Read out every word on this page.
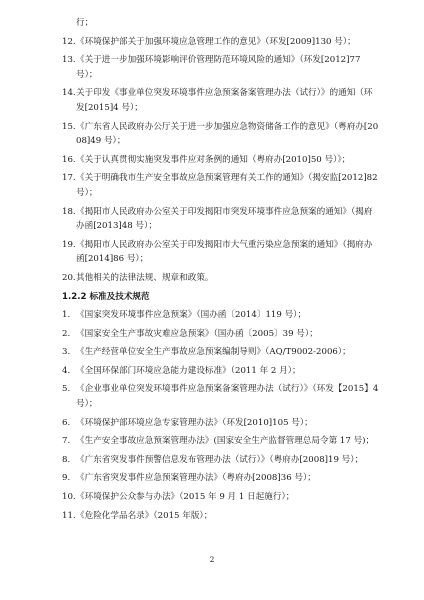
行；
12. 《环境保护部关于加强环境应急管理工作的意见》（环发[2009]130 号）；
13. 《关于进一步加强环境影响评价管理防范环境风险的通知》（环发[2012]77号）；
14. 关于印发《事业单位突发环境事件应急预案备案管理办法（试行）》的通知（环发[2015]4 号）；
15. 《广东省人民政府办公厅关于进一步加强应急物资储备工作的意见》（粤府办[2008]49 号）；
16. 《关于认真贯彻实施突发事件应对条例的通知（粤府办[2010]50 号）》；
17. 《关于明确我市生产安全事故应急预案管理有关工作的通知》（揭安监[2012]82 号）；
18. 《揭阳市人民政府办公室关于印发揭阳市突发环境事件应急预案的通知》（揭府办函[2013]48 号）；
19. 《揭阳市人民政府办公室关于印发揭阳市大气重污染应急预案的通知》（揭府办函[2014]86 号）；
20. 其他相关的法律法规、规章和政策。
1.2.2 标准及技术规范
1. 《国家突发环境事件应急预案》（国办函〔2014〕119 号）；
2. 《国家安全生产事故灾难应急预案》（国办函〔2005〕39 号）；
3. 《生产经营单位安全生产事故应急预案编制导则》（AQ/T9002-2006）；
4. 《全国环保部门环境应急能力建设标准》（2011 年 2 月）；
5. 《企业事业单位突发环境事件应急预案备案管理办法（试行）》（环发【2015】4 号）；
6. 《环境保护部环境应急专家管理办法》（环发[2010]105 号）；
7. 《生产安全事故应急预案管理办法》(国家安全生产监督管理总局令第 17 号)；
8. 《广东省突发事件预警信息发布管理办法（试行）》（粤府办[2008]19 号）；
9. 《广东省突发事件应急预案管理办法》（粤府办[2008]36 号）；
10. 《环境保护公众参与办法》（2015 年 9 月 1 日起施行）；
11. 《危险化学品名录》（2015 年版）；
2
